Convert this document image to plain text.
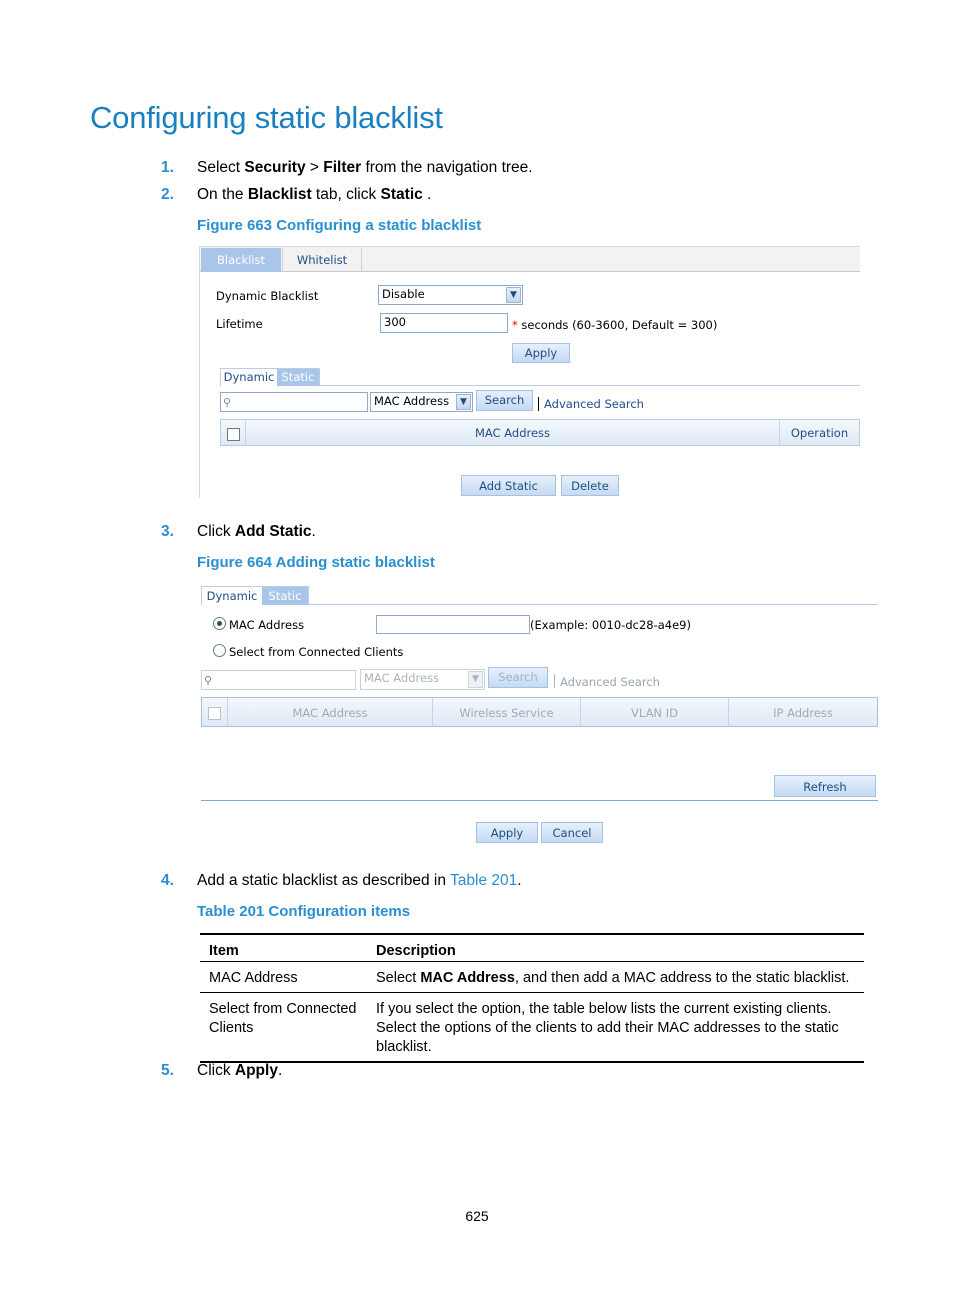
Configuring static blacklist
1. Select Security > Filter from the navigation tree.
2. On the Blacklist tab, click Static .
Figure 663 Configuring a static blacklist
Blacklist	Whitelist
Dynamic Blacklist	Disable	▼
Lifetime	300	* seconds (60-3600, Default = 300)
Apply
Dynamic Static
⚲	MAC Address	▼	Search	Advanced Search
MAC Address	Operation
Add Static	Delete
3. Click Add Static.
Figure 664 Adding static blacklist
Dynamic Static
MAC Address	(Example: 0010-dc28-a4e9)
Select from Connected Clients
⚲	MAC Address	▼	Search	Advanced Search
MAC Address	Wireless Service	VLAN ID	IP Address
Refresh
Apply	Cancel
4. Add a static blacklist as described in Table 201.
Table 201 Configuration items
Item	Description
MAC Address	Select MAC Address, and then add a MAC address to the static blacklist.
Select from Connected Clients	If you select the option, the table below lists the current existing clients. Select the options of the clients to add their MAC addresses to the static blacklist.
5. Click Apply.
625
